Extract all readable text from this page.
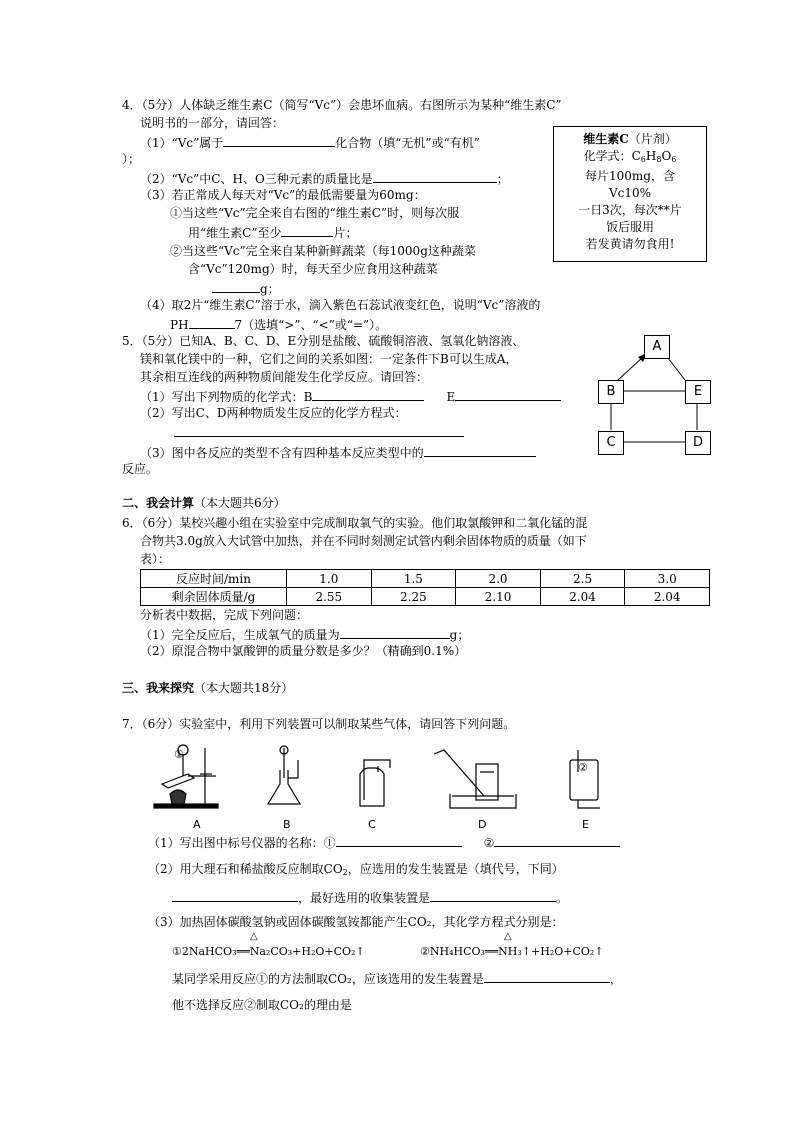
4．（5分）人体缺乏维生素C（简写“Vc”）会患坏血病。右图所示为某种“维生素C”
说明书的一部分，请回答：
（1）“Vc”属于	化合物（填“无机”或“有机”
）；
（2）“Vc”中C、H、O三种元素的质量比是	；
（3）若正常成人每天对“Vc”的最低需要量为60mg：
①当这些“Vc”完全来自右图的“维生素C”时，则每次服
用“维生素C”至少	片；
②当这些“Vc”完全来自某种新鲜蔬菜（每1000g这种蔬菜
含“Vc”120mg）时，每天至少应食用这种蔬菜
g；
（4）取2片“维生素C”溶于水，滴入紫色石蕊试液变红色，说明“Vc”溶液的
PH	7（选填“>”、“<”或“=”）。
维生素C（片剂）
化学式：$C_6H_8O_6$
每片100mg，含
Vc10%
一日3次，每次**片
饭后服用
若发黄请勿食用!
5．（5分）已知A、B、C、D、E分别是盐酸、硫酸铜溶液、氢氧化钠溶液、
镁和氧化镁中的一种，它们之间的关系如图：一定条件下B可以生成A，
其余相互连线的两种物质间能发生化学反应。请回答：
（1）写出下列物质的化学式：B	E
（2）写出C、D两种物质发生反应的化学方程式：
（3）图中各反应的类型不含有四种基本反应类型中的
反应。
A
B	E
C	D
二、我会计算（本大题共6分）
6．（6分）某校兴趣小组在实验室中完成制取氧气的实验。他们取氯酸钾和二氧化锰的混
合物共3.0g放入大试管中加热，并在不同时刻测定试管内剩余固体物质的质量（如下
表）：
反应时间/min	1.0	1.5	2.0	2.5	3.0
剩余固体质量/g	2.55	2.25	2.10	2.04	2.04
分析表中数据，完成下列问题：
（1）完全反应后，生成氧气的质量为	g；
（2）原混合物中氯酸钾的质量分数是多少？（精确到0.1%）
三、我来探究（本大题共18分）
7．（6分）实验室中，利用下列装置可以制取某些气体，请回答下列问题。
①
②
A	B	C	D	E
（1）写出图中标号仪器的名称：①	②
（2）用大理石和稀盐酸反应制取$CO_2$，应选用的发生装置是（填代号，下同）
，最好选用的收集装置是	。
（3）加热固体碳酸氢钠或固体碳酸氢铵都能产生CO₂，其化学方程式分别是：
△	△
①2NaHCO₃══Na₂CO₃+H₂O+CO₂↑	②NH₄HCO₃══NH₃↑+H₂O+CO₂↑
某同学采用反应①的方法制取CO₂，应该选用的发生装置是	，
他不选择反应②制取CO₂的理由是
